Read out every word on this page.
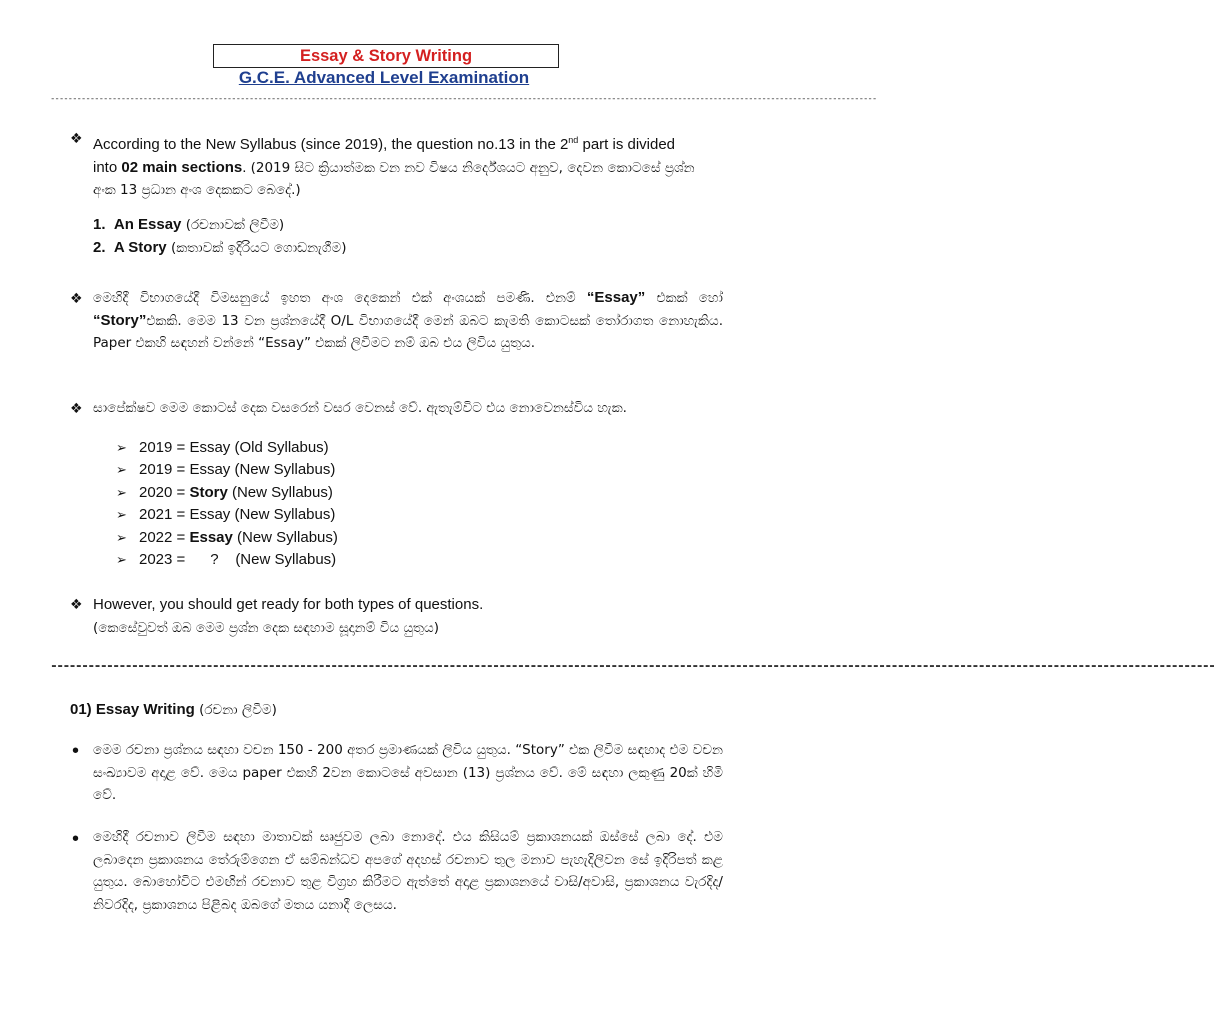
Essay & Story Writing
G.C.E. Advanced Level Examination
-------------------------------------------------------------------------------------------------------------------------------------------------------------------------------------------
❖ According to the New Syllabus (since 2019), the question no.13 in the 2nd part is divided into 02 main sections. (2019 සිට ක්‍රියාත්මක වන නව විෂය නිර්දේශයට අනුව, දෙවන කොටසේ ප්‍රශ්න අංක 13 ප්‍රධාන අංශ දෙකකට බෙදේ.)
1. An Essay (රචනාවක් ලිවීම)
2. A Story (කතාවක් ඉදිරියට ගොඩනැගීම)
❖ මෙහිදී විභාගයේදී විමසනුයේ ඉහත අංශ දෙකෙන් එක් අංශයක් පමණි. එනම් “Essay” එකක් හෝ “Story”එකකි. මෙම 13 වන ප්‍රශ්නයේදී O/L විභාගයේදී මෙන් ඔබට කැමති කොටසක් තෝරාගත නොහැකිය. Paper එකහි සඳහන් වන්නේ “Essay” එකක් ලිවීමට නම් ඔබ එය ලිවිය යුතුය.
❖ සාපේක්ෂව මෙම කොටස් දෙක වසරෙන් වසර වෙනස් වේ. ඇතැම්විට එය නොවෙනස්විය හැක.
➢ 2019 = Essay (Old Syllabus)
➢ 2019 = Essay (New Syllabus)
➢ 2020 = Story (New Syllabus)
➢ 2021 = Essay (New Syllabus)
➢ 2022 = Essay (New Syllabus)
➢ 2023 =      ?    (New Syllabus)
❖ However, you should get ready for both types of questions.
(කෙසේවුවත් ඔබ මෙම ප්‍රශ්න දෙක සඳහාම සූදානම් විය යුතුය)
-------------------------------------------------------------------------------------------------------------------------------------------------------------------------------------------
01) Essay Writing (රචනා ලිවීම)
•	මෙම රචනා ප්‍රශ්නය සඳහා වචන 150 - 200 අතර ප්‍රමාණයක් ලිවිය යුතුය. “Story” එක ලිවීම සඳහාද එම වචන සංඛ්‍යාවම අදාළ වේ. මෙය paper එකහි 2වන කොටසේ අවසාන (13) ප්‍රශ්නය වේ. මේ සඳහා ලකුණු 20ක් හිමි වේ.
•	මෙහිදී රචනාව ලිවීම සඳහා මාතාවක් සෘජුවම ලබා නොදේ. එය කිසියම් ප්‍රකාශනයක් ඔස්සේ ලබා දේ. එම ලබාදෙන ප්‍රකාශනය තේරුම්ගෙන ඒ සම්බන්ධව අපගේ අදහස් රචනාව තුල මනාව පැහැදිලිවන සේ ඉදිරිපත් කළ යුතුය. බොහෝවිට එමඟින් රචනාව තුළ විග්‍රහ කිරීමට ඇත්තේ අදාළ ප්‍රකාශනයේ වාසි/අවාසි, ප්‍රකාශනය වැරදිද/නිවරදිද, ප්‍රකාශනය පිළිබද ඔබගේ මතය යනාදී ලෙසය.
